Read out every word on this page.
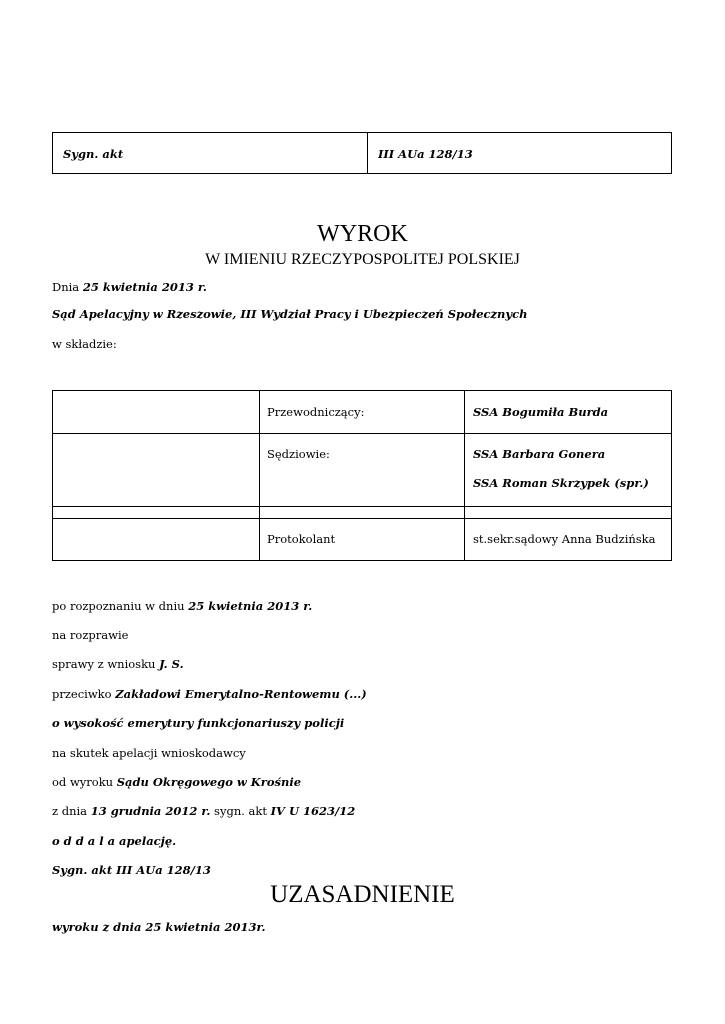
Sygn. akt	III AUa 128/13
WYROK
W IMIENIU RZECZYPOSPOLITEJ POLSKIEJ
Dnia 25 kwietnia 2013 r.
Sąd Apelacyjny w Rzeszowie, III Wydział Pracy i Ubezpieczeń Społecznych
w składzie:
Przewodniczący:	SSA Bogumiła Burda
Sędziowie:	SSA Barbara Gonera
SSA Roman Skrzypek (spr.)
Protokolant	st.sekr.sądowy Anna Budzińska
po rozpoznaniu w dniu 25 kwietnia 2013 r.
na rozprawie
sprawy z wniosku J. S.
przeciwko Zakładowi Emerytalno-Rentowemu (...)
o wysokość emerytury funkcjonariuszy policji
na skutek apelacji wnioskodawcy
od wyroku Sądu Okręgowego w Krośnie
z dnia 13 grudnia 2012 r. sygn. akt IV U 1623/12
o d d a l a apelację.
Sygn. akt III AUa 128/13
UZASADNIENIE
wyroku z dnia 25 kwietnia 2013r.
